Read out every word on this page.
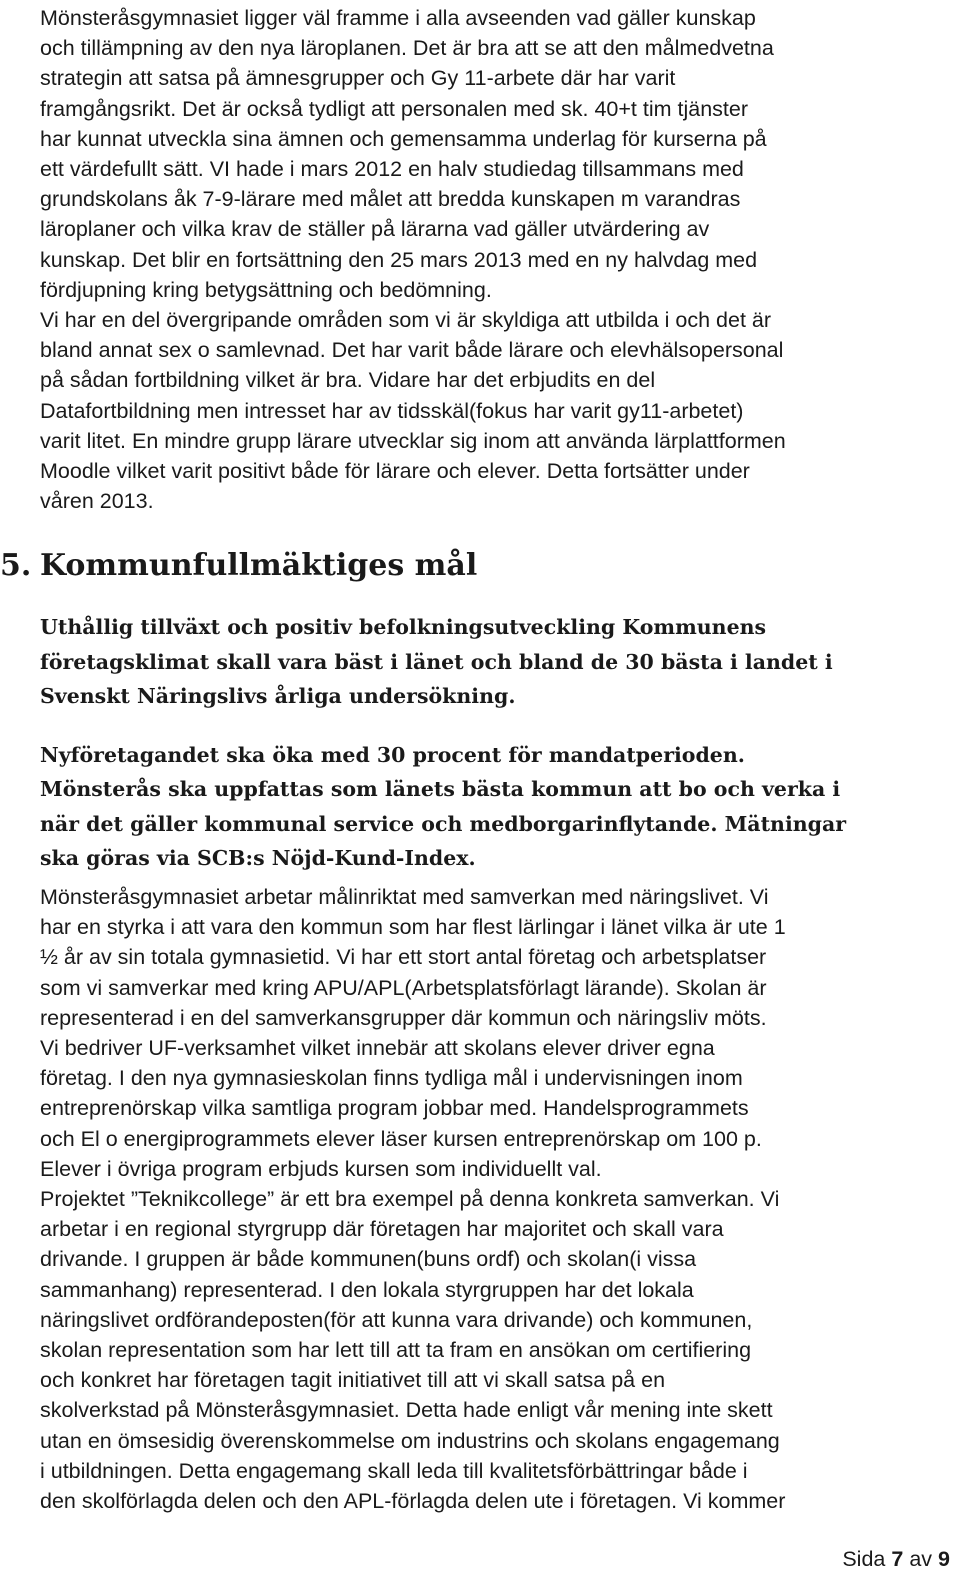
Mönsteråsgymnasiet ligger väl framme i alla avseenden vad gäller kunskap
och tillämpning av den nya läroplanen. Det är bra att se att den målmedvetna
strategin att satsa på ämnesgrupper och Gy 11-arbete där har varit
framgångsrikt. Det är också tydligt att personalen med sk. 40+t tim tjänster
har kunnat utveckla sina ämnen och gemensamma underlag för kurserna på
ett värdefullt sätt. VI hade i mars 2012 en halv studiedag tillsammans med
grundskolans åk 7-9-lärare med målet att bredda kunskapen m varandras
läroplaner och vilka krav de ställer på lärarna vad gäller utvärdering av
kunskap. Det blir en fortsättning den 25 mars 2013 med en ny halvdag med
fördjupning kring betygsättning och bedömning.
Vi har en del övergripande områden som vi är skyldiga att utbilda i och det är
bland annat sex o samlevnad. Det har varit både lärare och elevhälsopersonal
på sådan fortbildning vilket är bra. Vidare har det erbjudits en del
Datafortbildning men intresset har av tidsskäl(fokus har varit gy11-arbetet)
varit litet. En mindre grupp lärare utvecklar sig inom att använda lärplattformen
Moodle vilket varit positivt både för lärare och elever. Detta fortsätter under
våren 2013.

5. Kommunfullmäktiges mål

Uthållig tillväxt och positiv befolkningsutveckling Kommunens
företagsklimat skall vara bäst i länet och bland de 30 bästa i landet i
Svenskt Näringslivs årliga undersökning.

Nyföretagandet ska öka med 30 procent för mandatperioden.
Mönsterås ska uppfattas som länets bästa kommun att bo och verka i
när det gäller kommunal service och medborgarinflytande. Mätningar
ska göras via SCB:s Nöjd-Kund-Index.

Mönsteråsgymnasiet arbetar målinriktat med samverkan med näringslivet. Vi
har en styrka i att vara den kommun som har flest lärlingar i länet vilka är ute 1
½ år av sin totala gymnasietid. Vi har ett stort antal företag och arbetsplatser
som vi samverkar med kring APU/APL(Arbetsplatsförlagt lärande). Skolan är
representerad i en del samverkansgrupper där kommun och näringsliv möts.
Vi bedriver UF-verksamhet vilket innebär att skolans elever driver egna
företag. I den nya gymnasieskolan finns tydliga mål i undervisningen inom
entreprenörskap vilka samtliga program jobbar med. Handelsprogrammets
och El o energiprogrammets elever läser kursen entreprenörskap om 100 p.
Elever i övriga program erbjuds kursen som individuellt val.
Projektet ”Teknikcollege” är ett bra exempel på denna konkreta samverkan. Vi
arbetar i en regional styrgrupp där företagen har majoritet och skall vara
drivande. I gruppen är både kommunen(buns ordf) och skolan(i vissa
sammanhang) representerad. I den lokala styrgruppen har det lokala
näringslivet ordförandeposten(för att kunna vara drivande) och kommunen,
skolan representation som har lett till att ta fram en ansökan om certifiering
och konkret har företagen tagit initiativet till att vi skall satsa på en
skolverkstad på Mönsteråsgymnasiet. Detta hade enligt vår mening inte skett
utan en ömsesidig överenskommelse om industrins och skolans engagemang
i utbildningen. Detta engagemang skall leda till kvalitetsförbättringar både i
den skolförlagda delen och den APL-förlagda delen ute i företagen. Vi kommer

Sida 7 av 9
